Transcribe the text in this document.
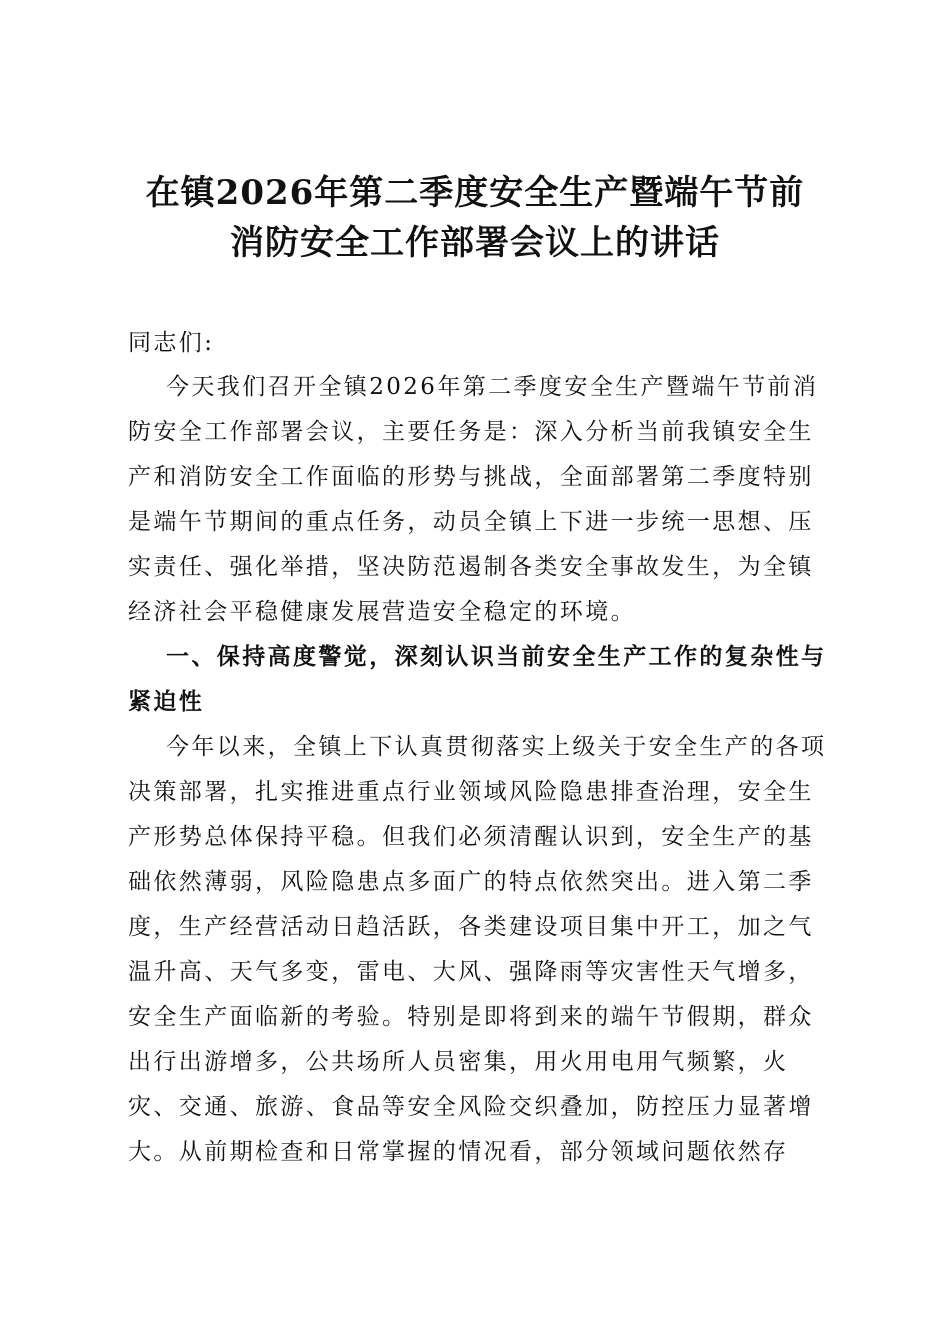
在镇2026年第二季度安全生产暨端午节前
消防安全工作部署会议上的讲话
同志们:
今天我们召开全镇2026年第二季度安全生产暨端午节前消
防安全工作部署会议，主要任务是：深入分析当前我镇安全生
产和消防安全工作面临的形势与挑战，全面部署第二季度特别
是端午节期间的重点任务，动员全镇上下进一步统一思想、压
实责任、强化举措，坚决防范遏制各类安全事故发生，为全镇
经济社会平稳健康发展营造安全稳定的环境。
一、保持高度警觉，深刻认识当前安全生产工作的复杂性与
紧迫性
今年以来，全镇上下认真贯彻落实上级关于安全生产的各项
决策部署，扎实推进重点行业领域风险隐患排查治理，安全生
产形势总体保持平稳。但我们必须清醒认识到，安全生产的基
础依然薄弱，风险隐患点多面广的特点依然突出。进入第二季
度，生产经营活动日趋活跃，各类建设项目集中开工，加之气
温升高、天气多变，雷电、大风、强降雨等灾害性天气增多，
安全生产面临新的考验。特别是即将到来的端午节假期，群众
出行出游增多，公共场所人员密集，用火用电用气频繁，火
灾、交通、旅游、食品等安全风险交织叠加，防控压力显著增
大。从前期检查和日常掌握的情况看，部分领域问题依然存
